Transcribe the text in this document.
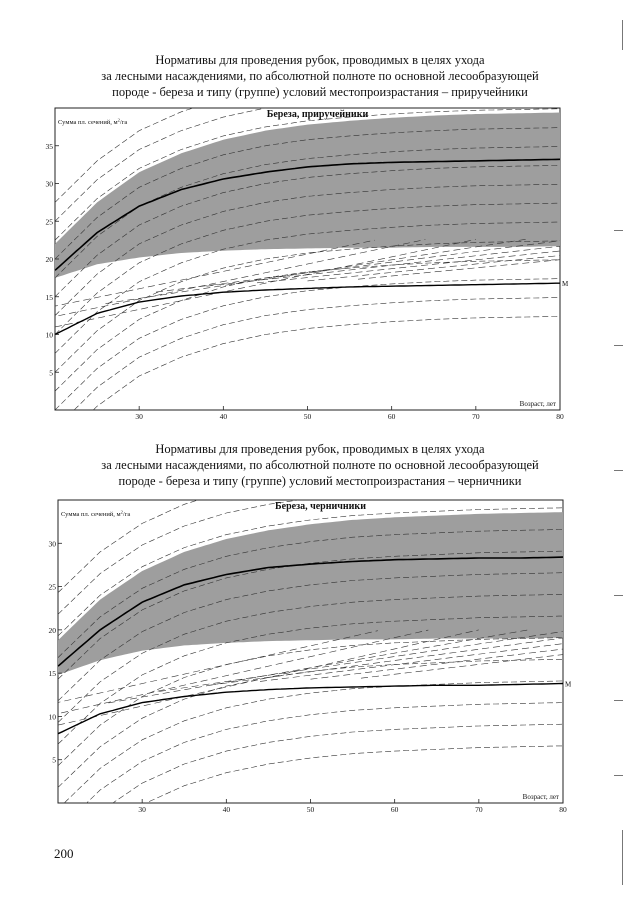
Нормативы для проведения рубок, проводимых в целях ухода
за лесными насаждениями, по абсолютной полноте по основной лесообразующей
породе - береза и типу (группе) условий местопроизрастания – приручейники
5
10
15
20
25
30
35
30	40	50	60	70	80
Береза, приручейники
Сумма пл. сечений, $м^2/га$
Возраст, лет
M
Нормативы для проведения рубок, проводимых в целях ухода
за лесными насаждениями, по абсолютной полноте по основной лесообразующей
породе - береза и типу (группе) условий местопроизрастания – черничники
5
10
15
20
25
30
30	40	50	60	70	80
Береза, черничники
Сумма пл. сечений, $м^2/га$
Возраст, лет
M
200
